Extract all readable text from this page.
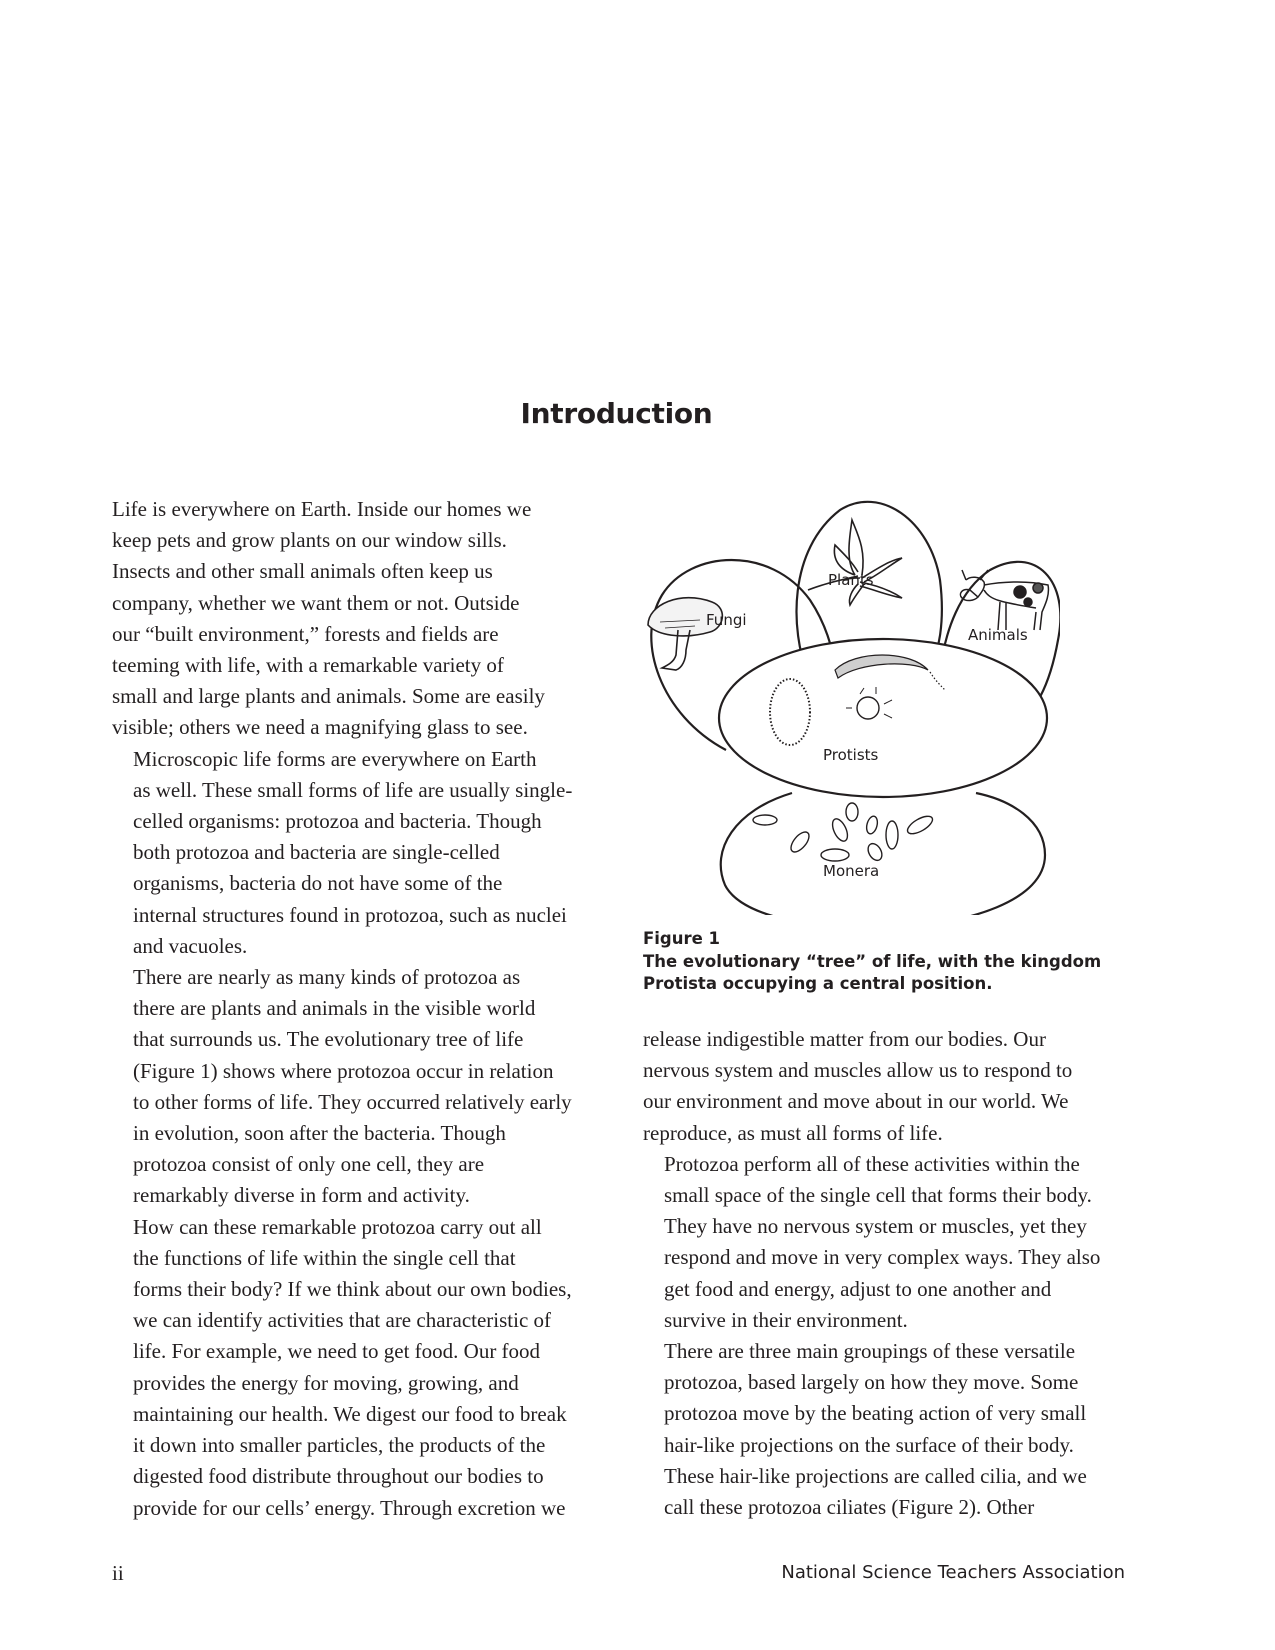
Introduction

Life is everywhere on Earth. Inside our homes we
keep pets and grow plants on our window sills.
Insects and other small animals often keep us
company, whether we want them or not. Outside
our “built environment,” forests and fields are
teeming with life, with a remarkable variety of
small and large plants and animals. Some are easily
visible; others we need a magnifying glass to see.

Microscopic life forms are everywhere on Earth
as well. These small forms of life are usually single-
celled organisms: protozoa and bacteria. Though
both protozoa and bacteria are single-celled
organisms, bacteria do not have some of the
internal structures found in protozoa, such as nuclei
and vacuoles.

There are nearly as many kinds of protozoa as
there are plants and animals in the visible world
that surrounds us. The evolutionary tree of life
(Figure 1) shows where protozoa occur in relation
to other forms of life. They occurred relatively early
in evolution, soon after the bacteria. Though
protozoa consist of only one cell, they are
remarkably diverse in form and activity.

How can these remarkable protozoa carry out all
the functions of life within the single cell that
forms their body? If we think about our own bodies,
we can identify activities that are characteristic of
life. For example, we need to get food. Our food
provides the energy for moving, growing, and
maintaining our health. We digest our food to break
it down into smaller particles, the products of the
digested food distribute throughout our bodies to
provide for our cells’ energy. Through excretion we

Fungi
Plants
Animals
Protists
Monera
Figure 1
The evolutionary “tree” of life, with the kingdom
Protista occupying a central position.

release indigestible matter from our bodies. Our
nervous system and muscles allow us to respond to
our environment and move about in our world. We
reproduce, as must all forms of life.

Protozoa perform all of these activities within the
small space of the single cell that forms their body.
They have no nervous system or muscles, yet they
respond and move in very complex ways. They also
get food and energy, adjust to one another and
survive in their environment.

There are three main groupings of these versatile
protozoa, based largely on how they move. Some
protozoa move by the beating action of very small
hair-like projections on the surface of their body.
These hair-like projections are called cilia, and we
call these protozoa ciliates (Figure 2). Other

ii	National Science Teachers Association
